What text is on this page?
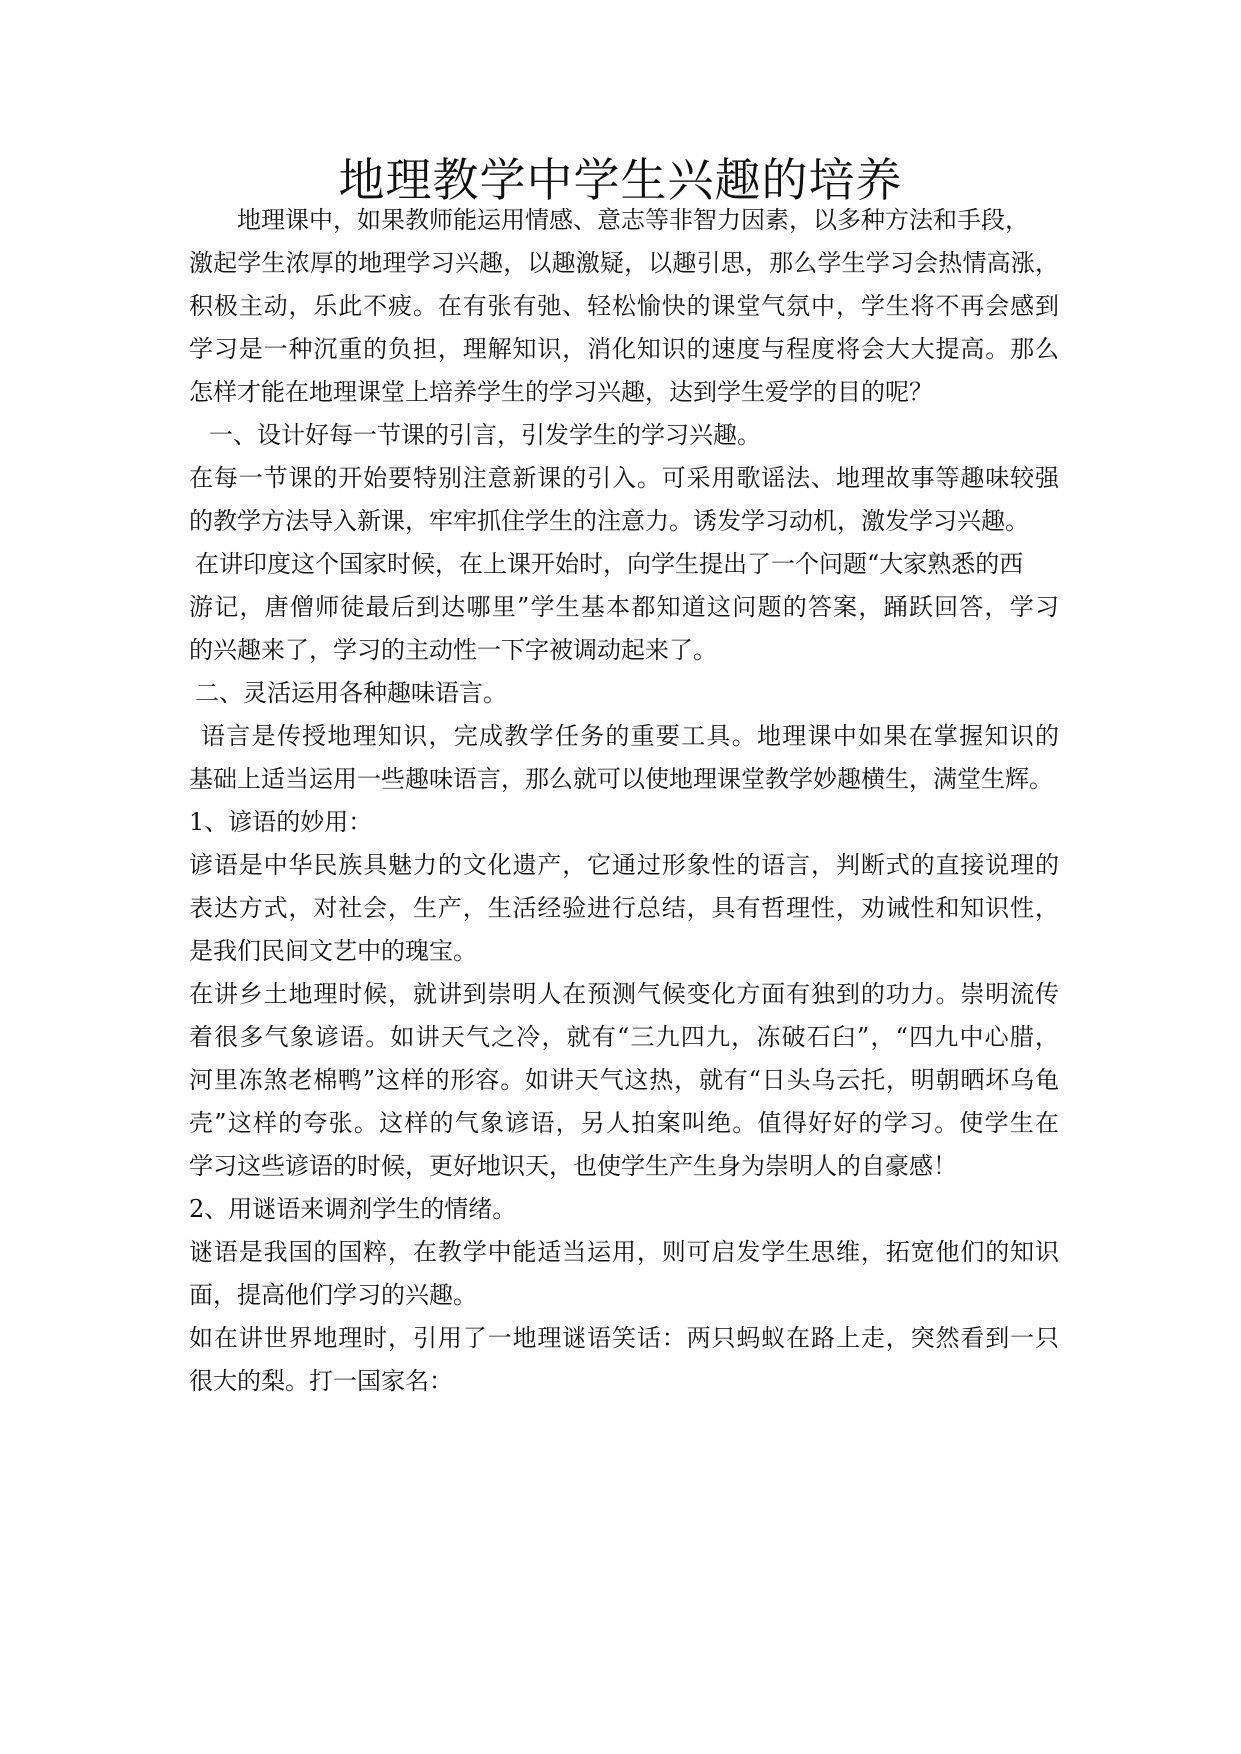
地理教学中学生兴趣的培养
地理课中，如果教师能运用情感、意志等非智力因素，以多种方法和手段，
激起学生浓厚的地理学习兴趣，以趣激疑，以趣引思，那么学生学习会热情高涨，
积极主动，乐此不疲。在有张有弛、轻松愉快的课堂气氛中，学生将不再会感到
学习是一种沉重的负担，理解知识，消化知识的速度与程度将会大大提高。那么
怎样才能在地理课堂上培养学生的学习兴趣，达到学生爱学的目的呢？
一、设计好每一节课的引言，引发学生的学习兴趣。
在每一节课的开始要特别注意新课的引入。可采用歌谣法、地理故事等趣味较强
的教学方法导入新课，牢牢抓住学生的注意力。诱发学习动机，激发学习兴趣。
在讲印度这个国家时候，在上课开始时，向学生提出了一个问题“大家熟悉的西
游记，唐僧师徒最后到达哪里”学生基本都知道这问题的答案，踊跃回答，学习
的兴趣来了，学习的主动性一下字被调动起来了。
二、灵活运用各种趣味语言。
语言是传授地理知识，完成教学任务的重要工具。地理课中如果在掌握知识的
基础上适当运用一些趣味语言，那么就可以使地理课堂教学妙趣横生，满堂生辉。
1、谚语的妙用：
谚语是中华民族具魅力的文化遗产，它通过形象性的语言，判断式的直接说理的
表达方式，对社会，生产，生活经验进行总结，具有哲理性，劝诫性和知识性，
是我们民间文艺中的瑰宝。
在讲乡土地理时候，就讲到崇明人在预测气候变化方面有独到的功力。崇明流传
着很多气象谚语。如讲天气之冷，就有“三九四九，冻破石臼”，“四九中心腊，
河里冻煞老棉鸭”这样的形容。如讲天气这热，就有“日头乌云托，明朝晒坏乌龟
壳”这样的夸张。这样的气象谚语，另人拍案叫绝。值得好好的学习。使学生在
学习这些谚语的时候，更好地识天，也使学生产生身为崇明人的自豪感！
2、用谜语来调剂学生的情绪。
谜语是我国的国粹，在教学中能适当运用，则可启发学生思维，拓宽他们的知识
面，提高他们学习的兴趣。
如在讲世界地理时，引用了一地理谜语笑话：两只蚂蚁在路上走，突然看到一只
很大的梨。打一国家名：
